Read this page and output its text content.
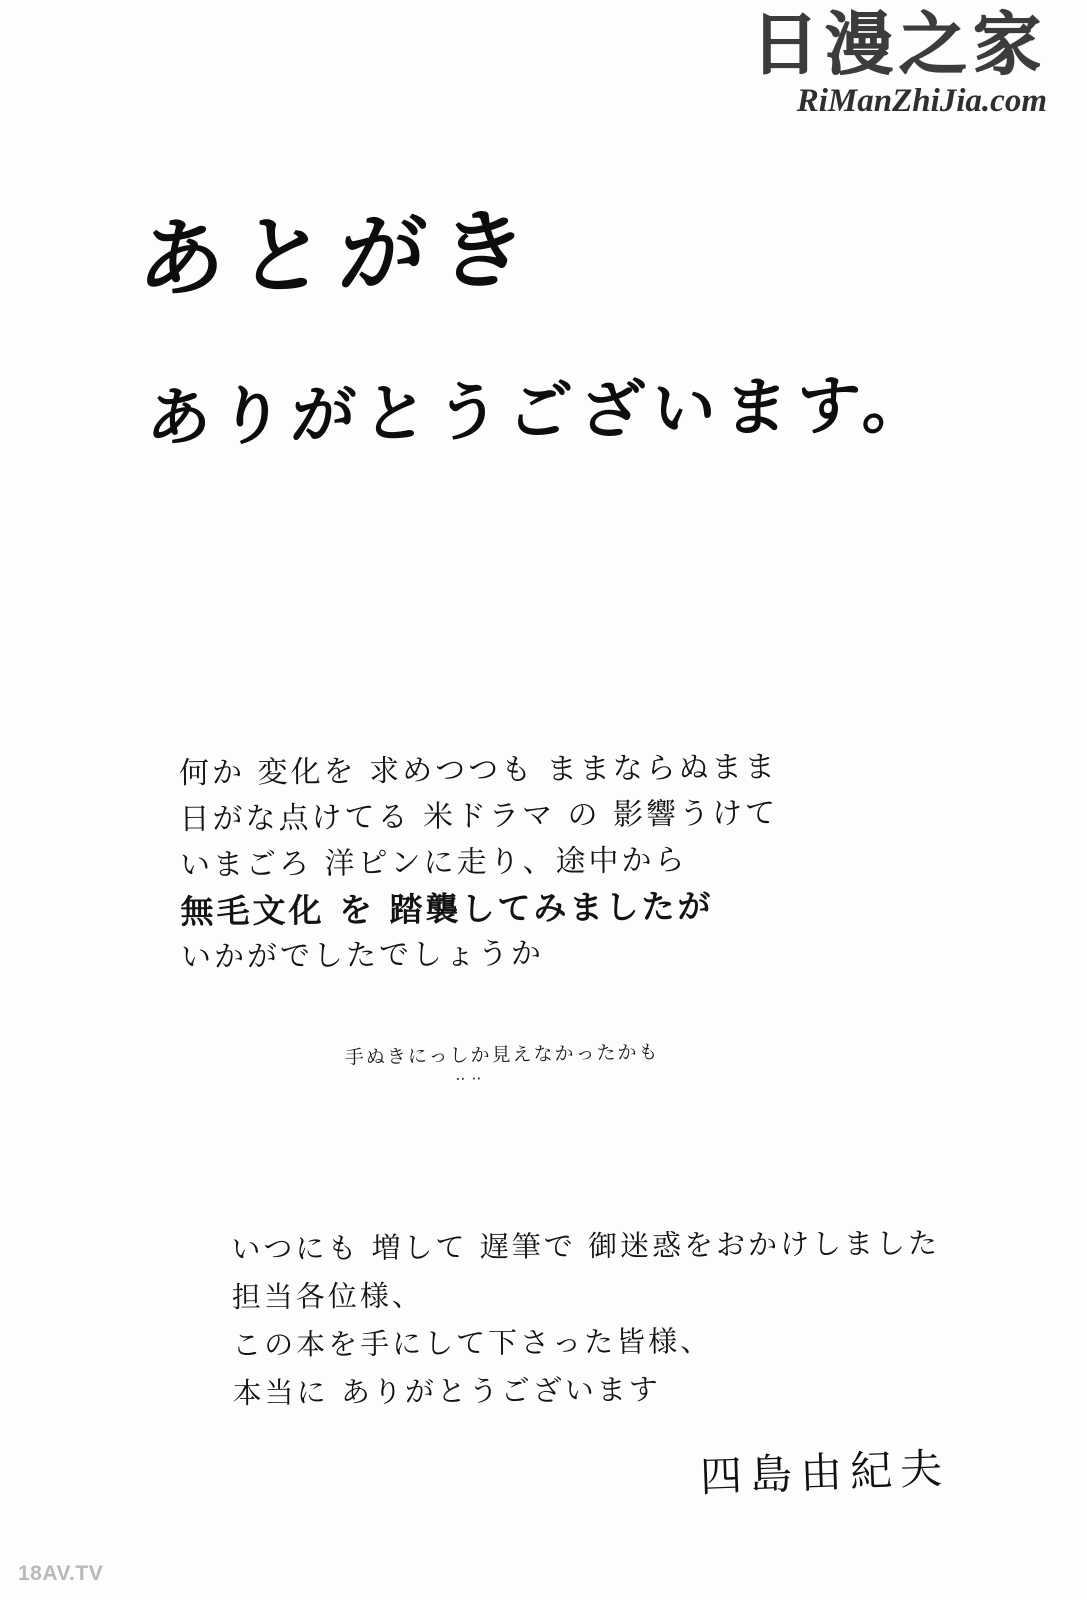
日漫之家
RiManZhiJia.com
あとがき
ありがとうございます。
何か 変化を 求めつつも ままならぬまま
日がな点けてる 米ドラマ の 影響うけて
いまごろ 洋ピンに走り、途中から
無毛文化 を 踏襲してみましたが
いかがでしたでしょうか
手ぬきにっしか見えなかったかも
‥‥
いつにも 増して 遅筆で 御迷惑をおかけしました
担当各位様、
この本を手にして下さった皆様、
本当に ありがとうございます
四島由紀夫
18AV.TV
